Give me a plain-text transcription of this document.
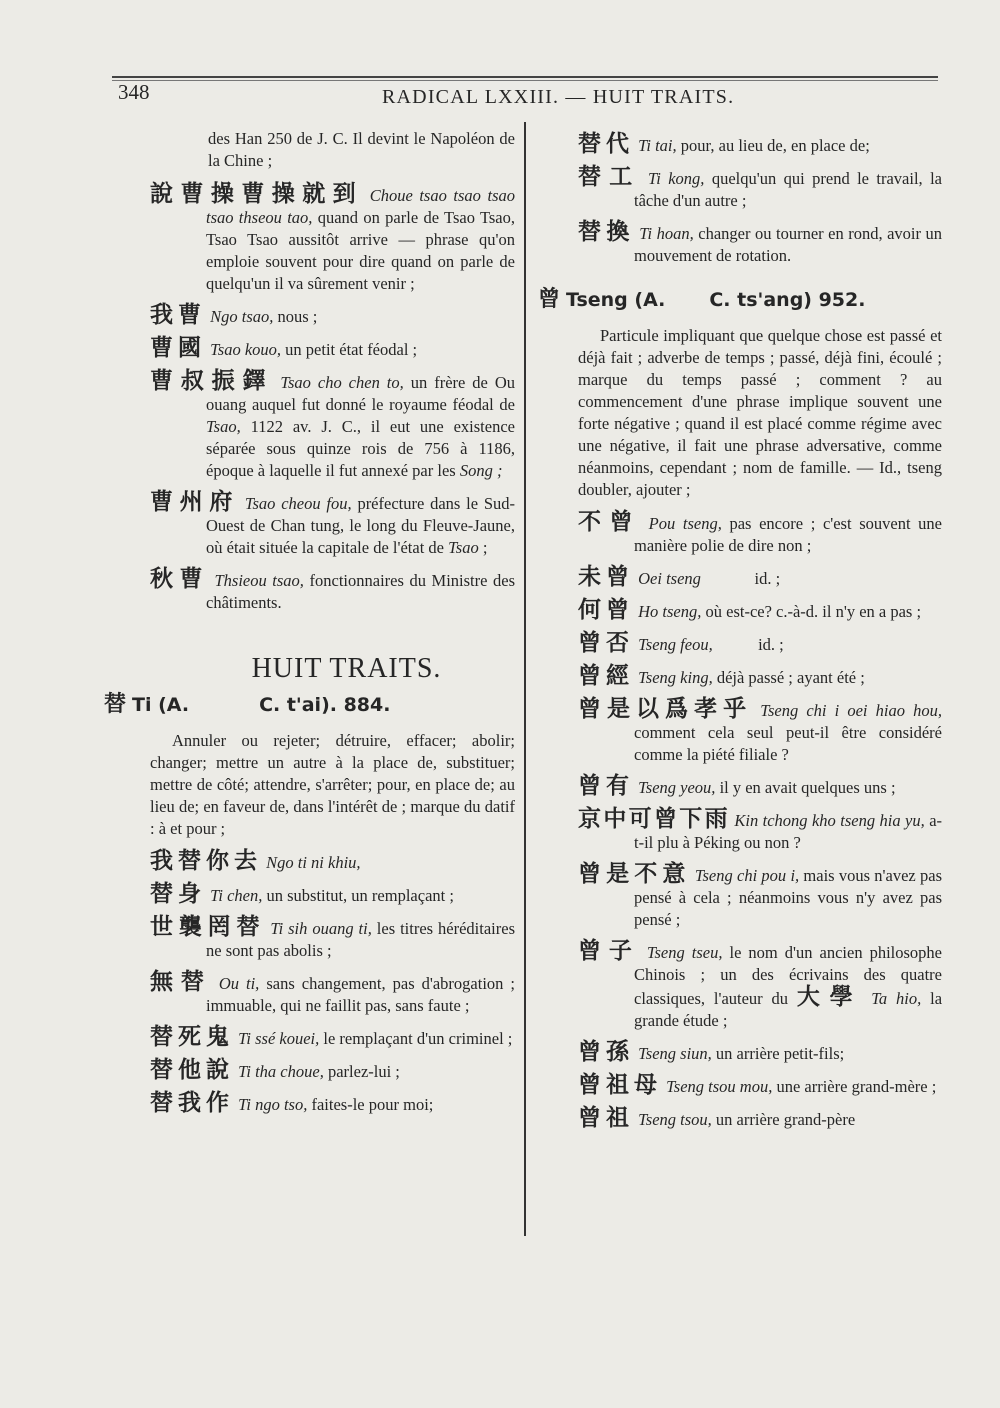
348	RADICAL LXXIII. — HUIT TRAITS.

des Han 250 de J. C. Il devint le Napoléon de la Chine ;

說曹操曹操就到 Choue tsao tsao tsao tsao thseou tao, quand on parle de Tsao Tsao, Tsao Tsao aussitôt arrive — phrase qu'on emploie souvent pour dire quand on parle de quelqu'un il va sûrement venir ;

我曹 Ngo tsao, nous ;

曹國 Tsao kouo, un petit état féodal ;

曹叔振鐸 Tsao cho chen to, un frère de Ou ouang auquel fut donné le royaume féodal de Tsao, 1122 av. J. C., il eut une existence séparée sous quinze rois de 756 à 1186, époque à laquelle il fut annexé par les Song ;

曹州府 Tsao cheou fou, préfecture dans le Sud-Ouest de Chan tung, le long du Fleuve-Jaune, où était située la capitale de l'état de Tsao ;

秋曹 Thsieou tsao, fonctionnaires du Ministre des châtiments.

HUIT TRAITS.
替 Ti (A.	C. t'ai). 884.

Annuler ou rejeter; détruire, effacer; abolir; changer; mettre un autre à la place de, substituer; mettre de côté; attendre, s'arrêter; pour, en place de; au lieu de; en faveur de, dans l'intérêt de ; marque du datif : à et pour ;

我替你去 Ngo ti ni khiu,

替身 Ti chen, un substitut, un remplaçant ;

世襲罔替 Ti sih ouang ti, les titres héréditaires ne sont pas abolis ;

無替 Ou ti, sans changement, pas d'abrogation ; immuable, qui ne faillit pas, sans faute ;

替死鬼 Ti ssé kouei, le remplaçant d'un criminel ;

替他說 Ti tha choue, parlez-lui ;

替我作 Ti ngo tso, faites-le pour moi;

替代 Ti tai, pour, au lieu de, en place de;

替工 Ti kong, quelqu'un qui prend le travail, la tâche d'un autre ;

替換 Ti hoan, changer ou tourner en rond, avoir un mouvement de rotation.

曾 Tseng (A. C. ts'ang) 952.

Particule impliquant que quelque chose est passé et déjà fait ; adverbe de temps ; passé, déjà fini, écoulé ; marque du temps passé ; comment ? au commencement d'une phrase implique souvent une forte négative ; quand il est placé comme régime avec une négative, il fait une phrase adversative, comme néanmoins, cependant ; nom de famille. — Id., tseng doubler, ajouter ;

不曾 Pou tseng, pas encore ; c'est souvent une manière polie de dire non ;

未曾 Oei tseng             id. ;

何曾 Ho tseng, où est-ce? c.-à-d. il n'y en a pas ;

曾否 Tseng feou,           id. ;

曾經 Tseng king, déjà passé ; ayant été ;

曾是以爲孝乎 Tseng chi i oei hiao hou, comment cela seul peut-il être considéré comme la piété filiale ?

曾有 Tseng yeou, il y en avait quelques uns ;

京中可曾下雨 Kin tchong kho tseng hia yu, a-t-il plu à Péking ou non ?

曾是不意 Tseng chi pou i, mais vous n'avez pas pensé à cela ; néanmoins vous n'y avez pas pensé ;

曾子 Tseng tseu, le nom d'un ancien philosophe Chinois ; un des écrivains des quatre classiques, l'auteur du 大學 Ta hio, la grande étude ;

曾孫 Tseng siun, un arrière petit-fils;

曾祖母 Tseng tsou mou, une arrière grand-mère ;

曾祖 Tseng tsou, un arrière grand-père
